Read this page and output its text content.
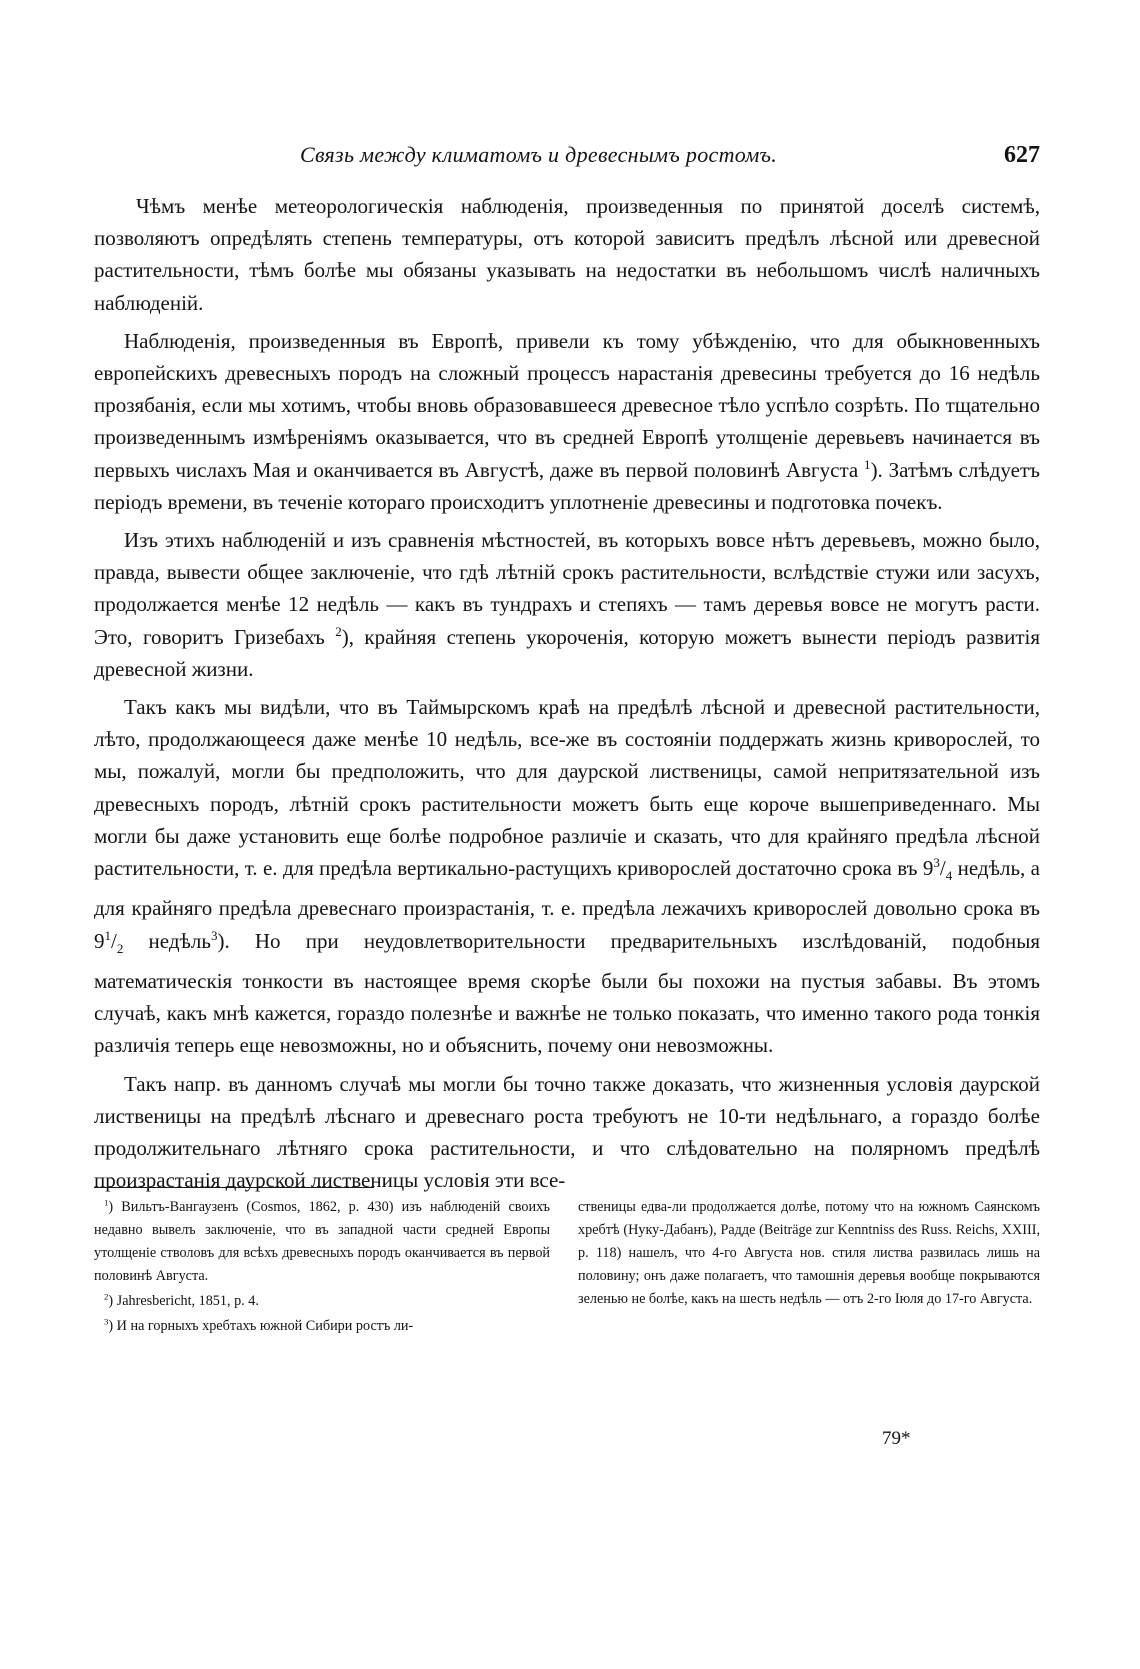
Связь между климатомъ и древеснымъ ростомъ.	627

Чѣмъ менѣе метеорологическія наблюденія, произведенныя по принятой доселѣ системѣ, позволяютъ опредѣлять степень температуры, отъ которой зависитъ предѣлъ лѣсной или древесной растительности, тѣмъ болѣе мы обязаны указывать на недостатки въ небольшомъ числѣ наличныхъ наблюденій.

Наблюденія, произведенныя въ Европѣ, привели къ тому убѣжденію, что для обыкновенныхъ европейскихъ древесныхъ породъ на сложный процессъ нарастанія древесины требуется до 16 недѣль прозябанія, если мы хотимъ, чтобы вновь образовавшееся древесное тѣло успѣло созрѣть. По тщательно произведеннымъ измѣреніямъ оказывается, что въ средней Европѣ утолщеніе деревьевъ начинается въ первыхъ числахъ Мая и оканчивается въ Августѣ, даже въ первой половинѣ Августа $^1$). Затѣмъ слѣдуетъ періодъ времени, въ теченіе котораго происходитъ уплотненіе древесины и подготовка почекъ.

Изъ этихъ наблюденій и изъ сравненія мѣстностей, въ которыхъ вовсе нѣтъ деревьевъ, можно было, правда, вывести общее заключеніе, что гдѣ лѣтній срокъ растительности, вслѣдствіе стужи или засухъ, продолжается менѣе 12 недѣль — какъ въ тундрахъ и степяхъ — тамъ деревья вовсе не могутъ расти. Это, говоритъ Гризебахъ $^2$), крайняя степень укороченія, которую можетъ вынести періодъ развитія древесной жизни.

Такъ какъ мы видѣли, что въ Таймырскомъ краѣ на предѣлѣ лѣсной и древесной растительности, лѣто, продолжающееся даже менѣе 10 недѣль, все-же въ состояніи поддержать жизнь криворослей, то мы, пожалуй, могли бы предположить, что для даурской лиственицы, самой непритязательной изъ древесныхъ породъ, лѣтній срокъ растительности можетъ быть еще короче вышеприведеннаго. Мы могли бы даже установить еще болѣе подробное различіе и сказать, что для крайняго предѣла лѣсной растительности, т. е. для предѣла вертикально-растущихъ криворослей достаточно срока въ $9^3/_4$ недѣль, а для крайняго предѣла древеснаго произрастанія, т. е. предѣла лежачихъ криворослей довольно срока въ $9^1/_2$ недѣль$^3$). Но при неудовлетворительности предварительныхъ изслѣдованій, подобныя математическія тонкости въ настоящее время скорѣе были бы похожи на пустыя забавы. Въ этомъ случаѣ, какъ мнѣ кажется, гораздо полезнѣе и важнѣе не только показать, что именно такого рода тонкія различія теперь еще невозможны, но и объяснить, почему они невозможны.

Такъ напр. въ данномъ случаѣ мы могли бы точно также доказать, что жизненныя условія даурской лиственицы на предѣлѣ лѣснаго и древеснаго роста требуютъ не 10-ти недѣльнаго, а гораздо болѣе продолжительнаго лѣтняго срока растительности, и что слѣдовательно на полярномъ предѣлѣ произрастанія даурской лиственицы условія эти все-

$^1$) Вильтъ-Вангаузенъ (Cosmos, 1862, p. 430) изъ наблюденій своихъ недавно вывелъ заключеніе, что въ западной части средней Европы утолщеніе стволовъ для всѣхъ древесныхъ породъ оканчивается въ первой половинѣ Августа.

$^2$) Jahresbericht, 1851, p. 4.

$^3$) И на горныхъ хребтахъ южной Сибири ростъ ли-

ственицы едва-ли продолжается долѣе, потому что на южномъ Саянскомъ хребтѣ (Нуку-Дабанъ), Радде (Beiträge zur Kenntniss des Russ. Reichs, XXIII, p. 118) нашелъ, что 4-го Августа нов. стиля листва развилась лишь на половину; онъ даже полагаетъ, что тамошнія деревья вообще покрываются зеленью не болѣе, какъ на шесть недѣль — отъ 2-го Іюля до 17-го Августа.

79*
